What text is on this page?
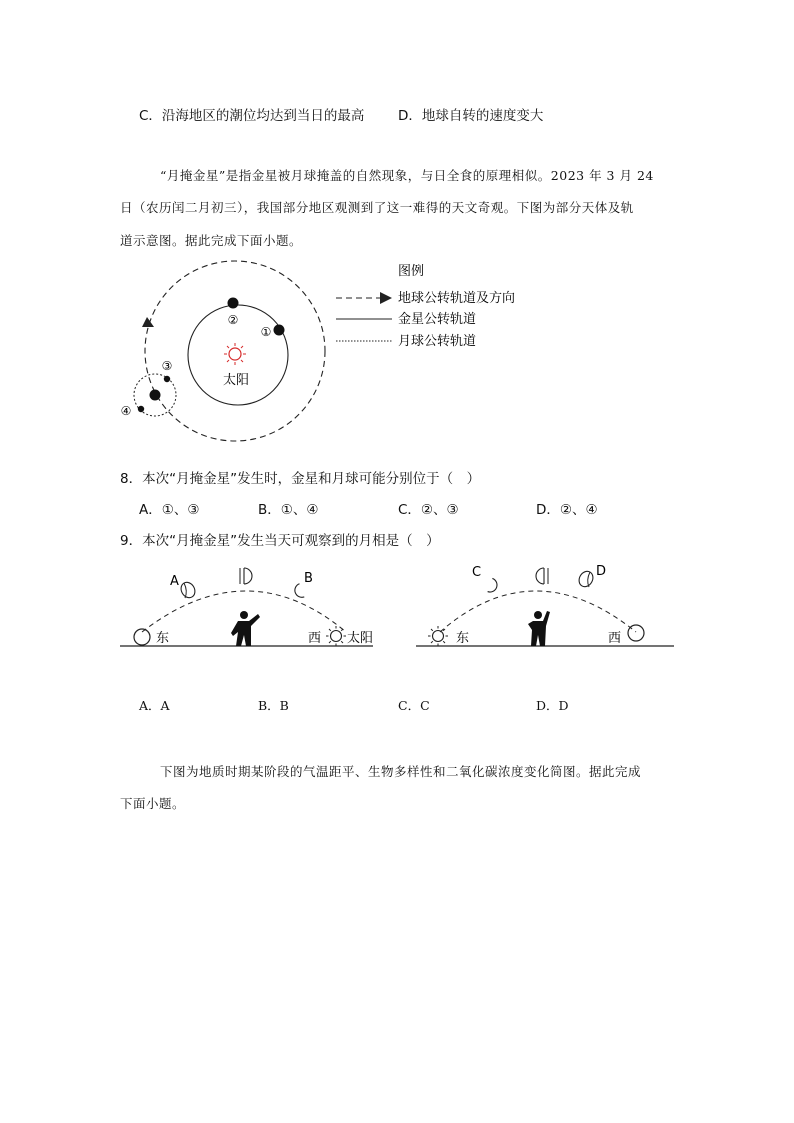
C．沿海地区的潮位均达到当日的最高 D．地球自转的速度变大
“月掩金星”是指金星被月球掩盖的自然现象，与日全食的原理相似。2023 年 3 月 24
日（农历闰二月初三），我国部分地区观测到了这一难得的天文奇观。下图为部分天体及轨
道示意图。据此完成下面小题。
太阳
②
①
③
④
图例
地球公转轨道及方向
金星公转轨道
月球公转轨道
8．本次“月掩金星”发生时，金星和月球可能分别位于（　）
A．①、③	B．①、④	C．②、③	D．②、④
9．本次“月掩金星”发生当天可观察到的月相是（　）
东
A	B
西 太阳	东
C	D
西
A．A	B．B	C．C	D．D
下图为地质时期某阶段的气温距平、生物多样性和二氧化碳浓度变化简图。据此完成
下面小题。
